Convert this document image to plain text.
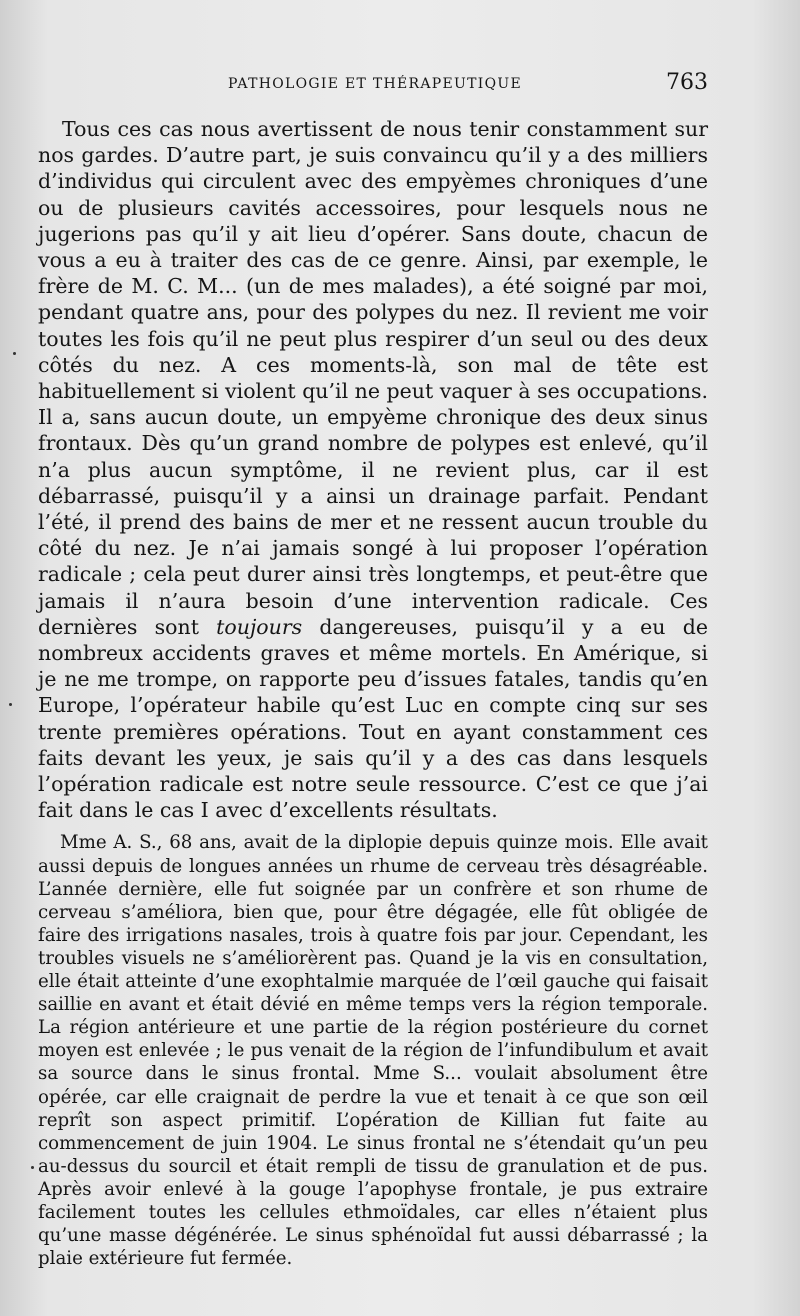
PATHOLOGIE ET THÉRAPEUTIQUE	763

Tous ces cas nous avertissent de nous tenir constamment sur nos gardes. D’autre part, je suis convaincu qu’il y a des milliers d’individus qui circulent avec des empyèmes chroniques d’une ou de plusieurs cavités accessoires, pour lesquels nous ne jugerions pas qu’il y ait lieu d’opérer. Sans doute, chacun de vous a eu à traiter des cas de ce genre. Ainsi, par exemple, le frère de M. C. M... (un de mes malades), a été soigné par moi, pendant quatre ans, pour des polypes du nez. Il revient me voir toutes les fois qu’il ne peut plus respirer d’un seul ou des deux côtés du nez. A ces moments-là, son mal de tête est habituellement si violent qu’il ne peut vaquer à ses occupations. Il a, sans aucun doute, un empyème chronique des deux sinus frontaux. Dès qu’un grand nombre de polypes est enlevé, qu’il n’a plus aucun symptôme, il ne revient plus, car il est débarrassé, puisqu’il y a ainsi un drainage parfait. Pendant l’été, il prend des bains de mer et ne ressent aucun trouble du côté du nez. Je n’ai jamais songé à lui proposer l’opération radicale ; cela peut durer ainsi très longtemps, et peut-être que jamais il n’aura besoin d’une intervention radicale. Ces dernières sont toujours dangereuses, puisqu’il y a eu de nombreux accidents graves et même mortels. En Amérique, si je ne me trompe, on rapporte peu d’issues fatales, tandis qu’en Europe, l’opérateur habile qu’est Luc en compte cinq sur ses trente premières opérations. Tout en ayant constamment ces faits devant les yeux, je sais qu’il y a des cas dans lesquels l’opération radicale est notre seule ressource. C’est ce que j’ai fait dans le cas I avec d’excellents résultats.

Mme A. S., 68 ans, avait de la diplopie depuis quinze mois. Elle avait aussi depuis de longues années un rhume de cerveau très désagréable. L’année dernière, elle fut soignée par un confrère et son rhume de cerveau s’améliora, bien que, pour être dégagée, elle fût obligée de faire des irrigations nasales, trois à quatre fois par jour. Cependant, les troubles visuels ne s’améliorèrent pas. Quand je la vis en consultation, elle était atteinte d’une exophtalmie marquée de l’œil gauche qui faisait saillie en avant et était dévié en même temps vers la région temporale. La région antérieure et une partie de la région postérieure du cornet moyen est enlevée ; le pus venait de la région de l’infundibulum et avait sa source dans le sinus frontal. Mme S... voulait absolument être opérée, car elle craignait de perdre la vue et tenait à ce que son œil reprît son aspect primitif. L’opération de Killian fut faite au commencement de juin 1904. Le sinus frontal ne s’étendait qu’un peu au-dessus du sourcil et était rempli de tissu de granulation et de pus. Après avoir enlevé à la gouge l’apophyse frontale, je pus extraire facilement toutes les cellules ethmoïdales, car elles n’étaient plus qu’une masse dégénérée. Le sinus sphénoïdal fut aussi débarrassé ; la plaie extérieure fut fermée.
